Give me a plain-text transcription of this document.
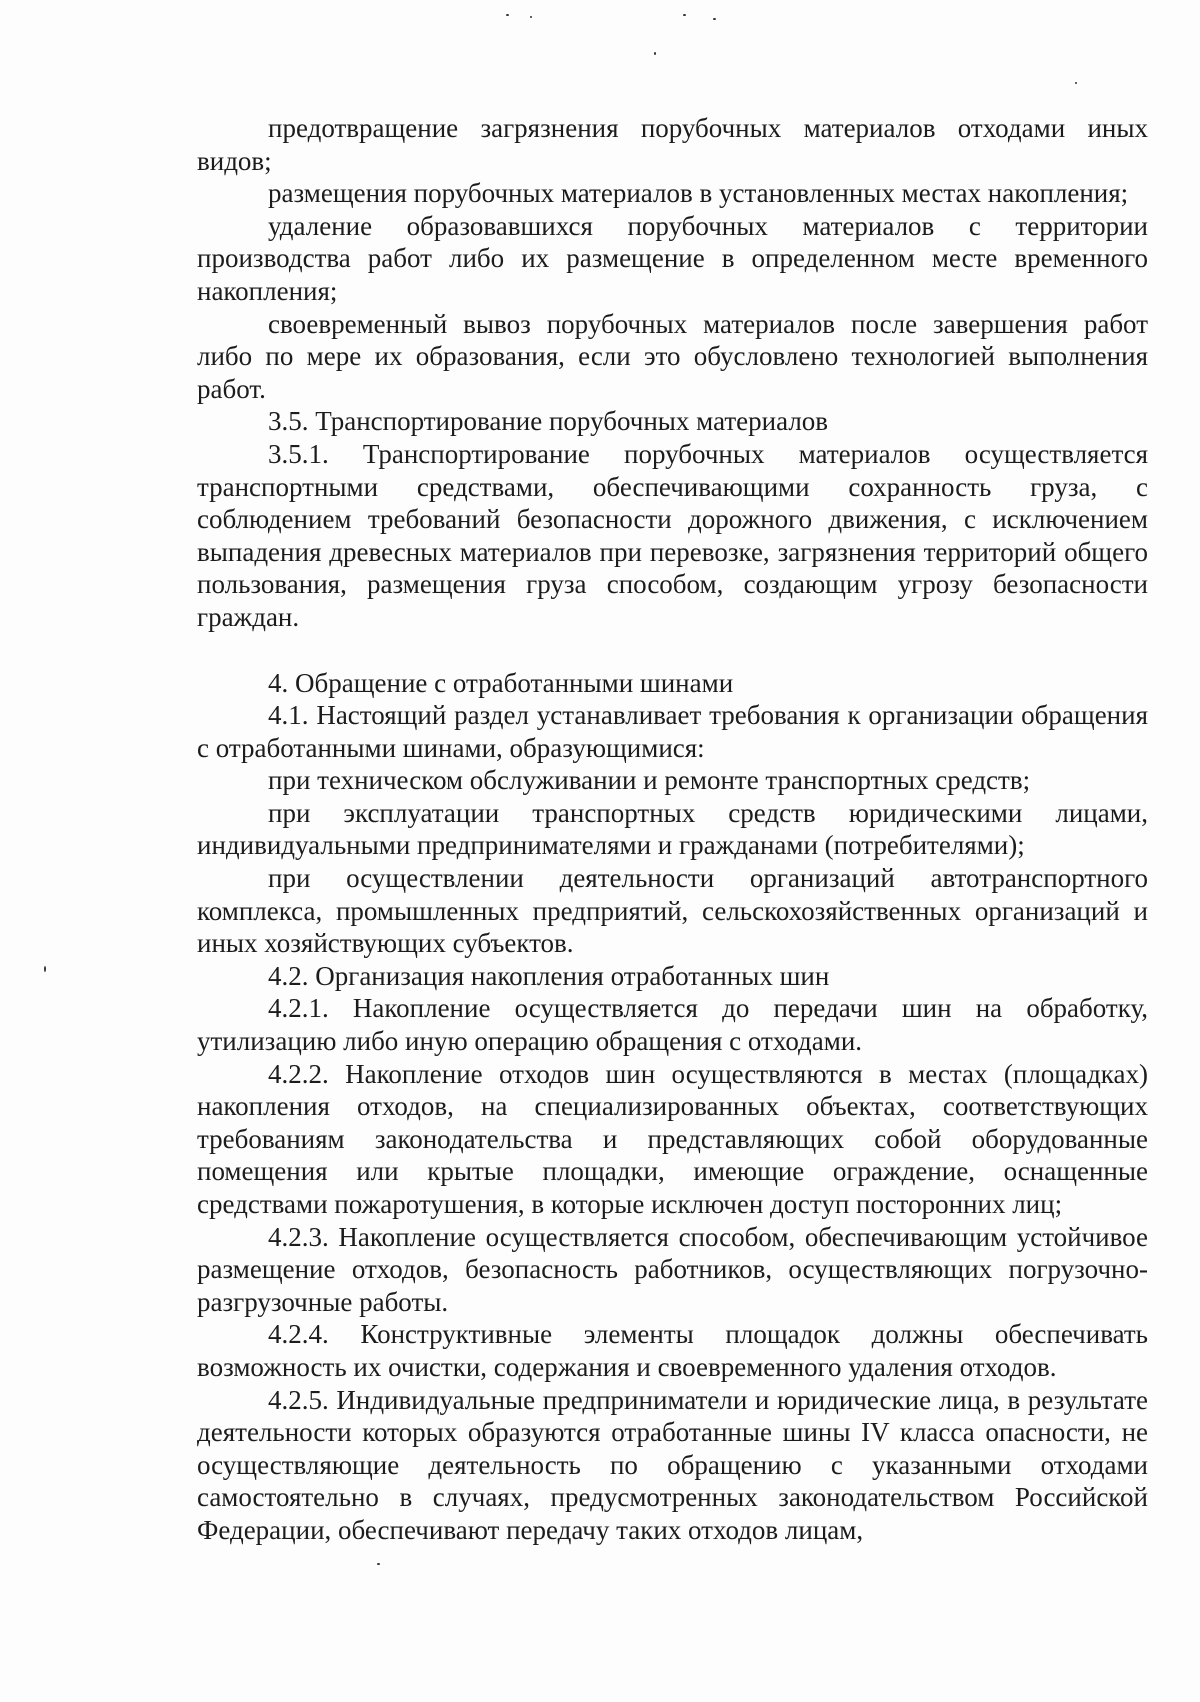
предотвращение загрязнения порубочных материалов отходами иных видов;

размещения порубочных материалов в установленных местах накопления;

удаление образовавшихся порубочных материалов с территории производства работ либо их размещение в определенном месте временного накопления;

своевременный вывоз порубочных материалов после завершения работ либо по мере их образования, если это обусловлено технологией выполнения работ.

3.5. Транспортирование порубочных материалов

3.5.1. Транспортирование порубочных материалов осуществляется транспортными средствами, обеспечивающими сохранность груза, с соблюдением требований безопасности дорожного движения, с исключением выпадения древесных материалов при перевозке, загрязнения территорий общего пользования, размещения груза способом, создающим угрозу безопасности граждан.

4. Обращение с отработанными шинами

4.1. Настоящий раздел устанавливает требования к организации обращения с отработанными шинами, образующимися:

при техническом обслуживании и ремонте транспортных средств;

при эксплуатации транспортных средств юридическими лицами, индивидуальными предпринимателями и гражданами (потребителями);

при осуществлении деятельности организаций автотранспортного комплекса, промышленных предприятий, сельскохозяйственных организаций и иных хозяйствующих субъектов.

4.2. Организация накопления отработанных шин

4.2.1. Накопление осуществляется до передачи шин на обработку, утилизацию либо иную операцию обращения с отходами.

4.2.2. Накопление отходов шин осуществляются в местах (площадках) накопления отходов, на специализированных объектах, соответствующих требованиям законодательства и представляющих собой оборудованные помещения или крытые площадки, имеющие ограждение, оснащенные средствами пожаротушения, в которые исключен доступ посторонних лиц;

4.2.3. Накопление осуществляется способом, обеспечивающим устойчивое размещение отходов, безопасность работников, осуществляющих погрузочно-разгрузочные работы.

4.2.4. Конструктивные элементы площадок должны обеспечивать возможность их очистки, содержания и своевременного удаления отходов.

4.2.5. Индивидуальные предприниматели и юридические лица, в результате деятельности которых образуются отработанные шины IV класса опасности, не осуществляющие деятельность по обращению с указанными отходами самостоятельно в случаях, предусмотренных законодательством Российской Федерации, обеспечивают передачу таких отходов лицам,
